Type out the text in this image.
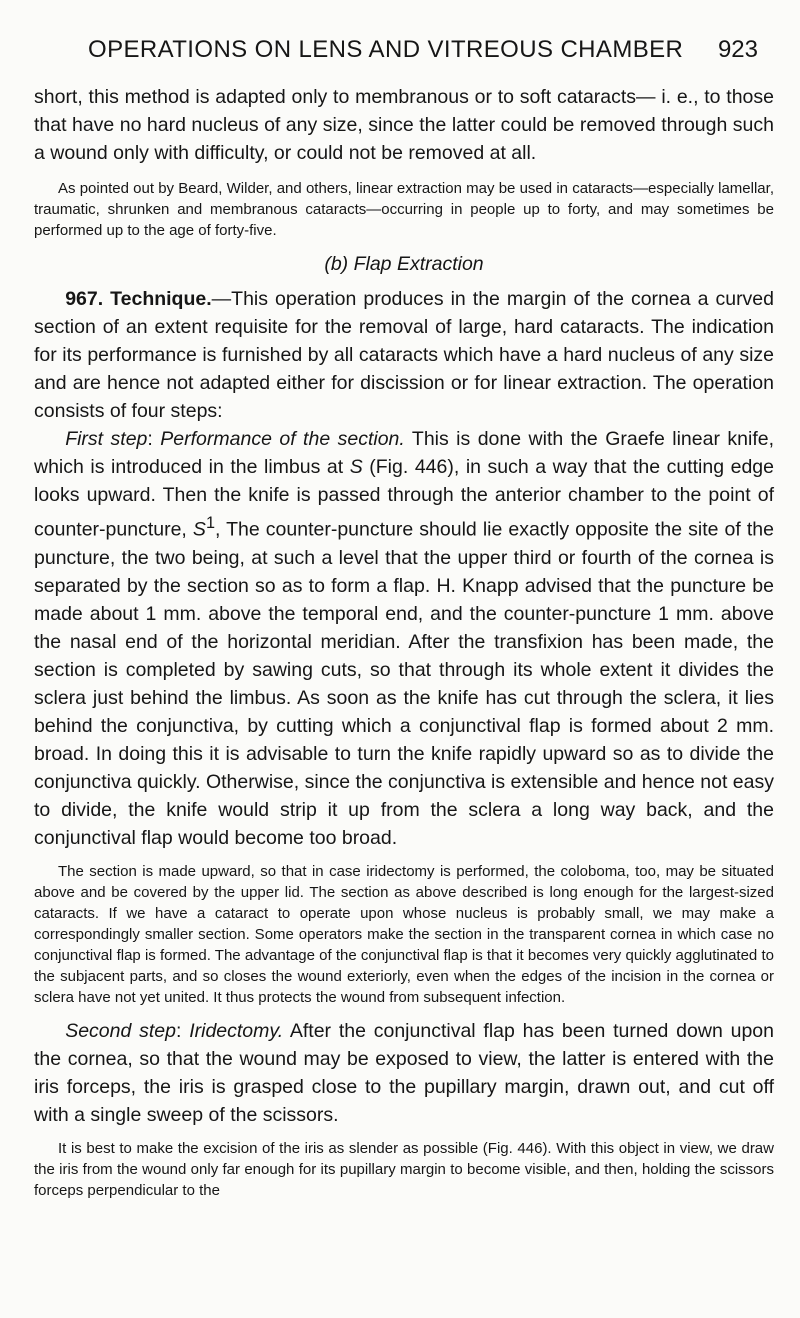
OPERATIONS ON LENS AND VITREOUS CHAMBER 923

short, this method is adapted only to membranous or to soft cataracts— i. e., to those that have no hard nucleus of any size, since the latter could be removed through such a wound only with difficulty, or could not be removed at all.

As pointed out by Beard, Wilder, and others, linear extraction may be used in cataracts—especially lamellar, traumatic, shrunken and membranous cataracts—occurring in people up to forty, and may sometimes be performed up to the age of forty-five.

(b) Flap Extraction

967. Technique.—This operation produces in the margin of the cornea a curved section of an extent requisite for the removal of large, hard cataracts. The indication for its performance is furnished by all cataracts which have a hard nucleus of any size and are hence not adapted either for discission or for linear extraction. The operation consists of four steps:

First step: Performance of the section. This is done with the Graefe linear knife, which is introduced in the limbus at S (Fig. 446), in such a way that the cutting edge looks upward. Then the knife is passed through the anterior chamber to the point of counter-puncture, $S^1$, The counter-puncture should lie exactly opposite the site of the puncture, the two being, at such a level that the upper third or fourth of the cornea is separated by the section so as to form a flap. H. Knapp advised that the puncture be made about 1 mm. above the temporal end, and the counter-puncture 1 mm. above the nasal end of the horizontal meridian. After the transfixion has been made, the section is completed by sawing cuts, so that through its whole extent it divides the sclera just behind the limbus. As soon as the knife has cut through the sclera, it lies behind the conjunctiva, by cutting which a conjunctival flap is formed about 2 mm. broad. In doing this it is advisable to turn the knife rapidly upward so as to divide the conjunctiva quickly. Otherwise, since the conjunctiva is extensible and hence not easy to divide, the knife would strip it up from the sclera a long way back, and the conjunctival flap would become too broad.

The section is made upward, so that in case iridectomy is performed, the coloboma, too, may be situated above and be covered by the upper lid. The section as above described is long enough for the largest-sized cataracts. If we have a cataract to operate upon whose nucleus is probably small, we may make a correspondingly smaller section. Some operators make the section in the transparent cornea in which case no conjunctival flap is formed. The advantage of the conjunctival flap is that it becomes very quickly agglutinated to the subjacent parts, and so closes the wound exteriorly, even when the edges of the incision in the cornea or sclera have not yet united. It thus protects the wound from subsequent infection.

Second step: Iridectomy. After the conjunctival flap has been turned down upon the cornea, so that the wound may be exposed to view, the latter is entered with the iris forceps, the iris is grasped close to the pupillary margin, drawn out, and cut off with a single sweep of the scissors.

It is best to make the excision of the iris as slender as possible (Fig. 446). With this object in view, we draw the iris from the wound only far enough for its pupillary margin to become visible, and then, holding the scissors forceps perpendicular to the
